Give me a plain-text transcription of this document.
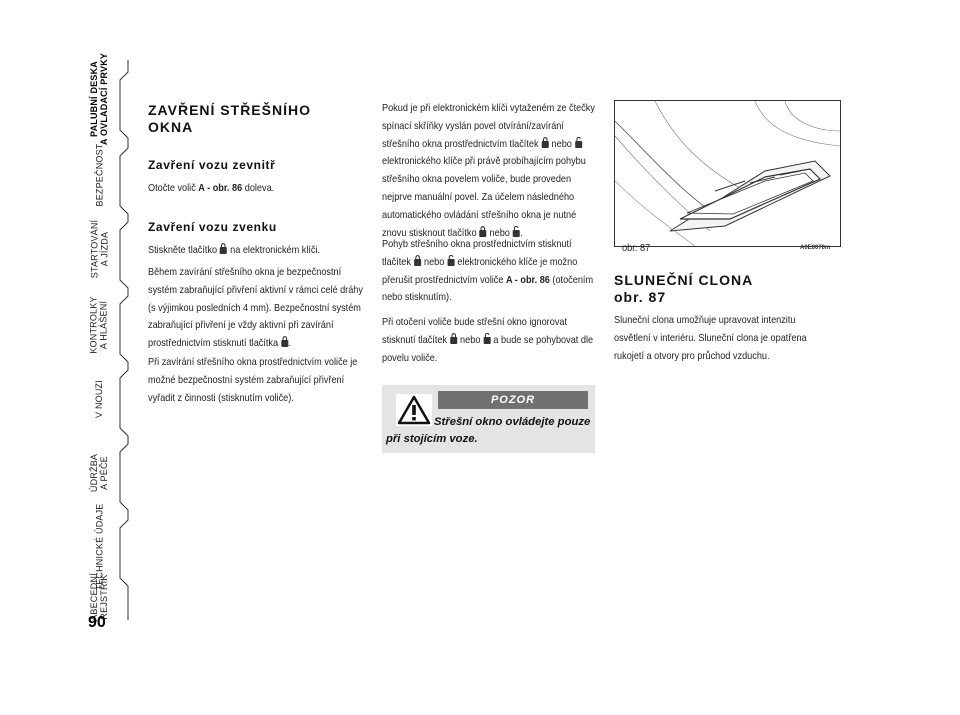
PALUBNÍ DESKA
A OVLADACÍ PRVKY
BEZPEČNOST
STARTOVÁNÍ
A JÍZDA
KONTROLKY
A HLÁŠENÍ
V NOUZI
ÚDRŽBA
A PÉČE
TECHNICKÉ ÚDAJE
ABECEDNÍ
REJSTŘÍK
90
ZAVŘENÍ STŘEŠNÍHO OKNA
Zavření vozu zevnitř
Otočte volič A - obr. 86 doleva.
Zavření vozu zvenku
Stiskněte tlačítko  na elektronickém klíči.
Během zavírání střešního okna je bezpečnostní systém zabraňující přivření aktivní v rámci celé dráhy (s výjimkou posledních 4 mm). Bezpečnostní systém zabraňující přivření je vždy aktivní při zavírání prostřednictvím stisknutí tlačítka .
Při zavírání střešního okna prostřednictvím voliče je možné bezpečnostní systém zabraňující přivření vyřadit z činnosti (stisknutím voliče).
Pokud je při elektronickém klíči vytaženém ze čtečky spínací skříňky vyslán povel otvírání/zavírání střešního okna prostřednictvím tlačítek nebo  elektronického klíče při právě probíhajícím pohybu střešního okna povelem voliče, bude proveden nejprve manuální povel. Za účelem následného automatického ovládání střešního okna je nutné znovu stisknout tlačítko nebo .
Pohyb střešního okna prostřednictvím stisknutí tlačítek nebo elektronického klíče je možno přerušit prostřednictvím voliče A - obr. 86 (otočením nebo stisknutím).
Při otočení voliče bude střešní okno ignorovat stisknutí tlačítek nebo a bude se pohybovat dle povelu voliče.
POZOR
Střešní okno ovládejte pouze při stojícím voze.
A0E0070m
obr. 87
SLUNEČNÍ CLONA
obr. 87
Sluneční clona umožňuje upravovat intenzitu osvětlení v interiéru. Sluneční clona je opatřena rukojetí a otvory pro průchod vzduchu.
